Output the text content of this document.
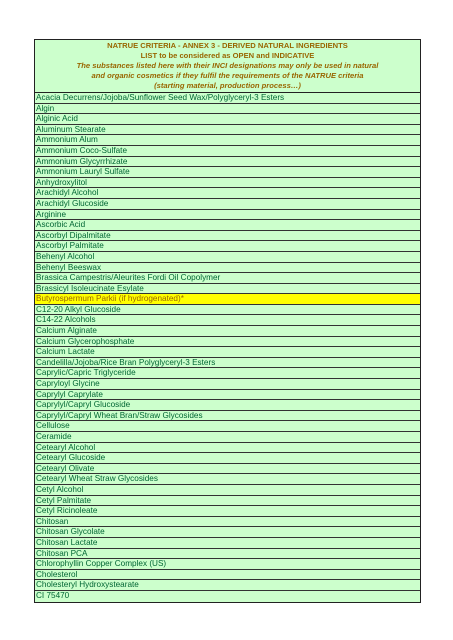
NATRUE CRITERIA - ANNEX 3 - DERIVED NATURAL INGREDIENTS
LIST to be considered as OPEN and INDICATIVE
The substances listed here with their INCI designations may only be used in natural
and organic cosmetics if they fulfil the requirements of the NATRUE criteria
(starting material, production process…)
Acacia Decurrens/Jojoba/Sunflower Seed Wax/Polyglyceryl-3 Esters
Algin
Alginic Acid
Aluminum Stearate
Ammonium Alum
Ammonium Coco-Sulfate
Ammonium Glycyrrhizate
Ammonium Lauryl Sulfate
Anhydroxylitol
Arachidyl Alcohol
Arachidyl Glucoside
Arginine
Ascorbic Acid
Ascorbyl Dipalmitate
Ascorbyl Palmitate
Behenyl Alcohol
Behenyl Beeswax
Brassica Campestris/Aleurites Fordi Oil Copolymer
Brassicyl Isoleucinate Esylate
Butyrospermum Parkii (if hydrogenated)*
C12-20 Alkyl Glucoside
C14-22 Alcohols
Calcium Alginate
Calcium Glycerophosphate
Calcium Lactate
Candelilla/Jojoba/Rice Bran Polyglyceryl-3 Esters
Caprylic/Capric Triglyceride
Capryloyl Glycine
Caprylyl Caprylate
Caprylyl/Capryl Glucoside
Caprylyl/Capryl Wheat Bran/Straw Glycosides
Cellulose
Ceramide
Cetearyl Alcohol
Cetearyl Glucoside
Cetearyl Olivate
Cetearyl Wheat Straw Glycosides
Cetyl Alcohol
Cetyl Palmitate
Cetyl Ricinoleate
Chitosan
Chitosan Glycolate
Chitosan Lactate
Chitosan PCA
Chlorophyllin Copper Complex (US)
Cholesterol
Cholesteryl Hydroxystearate
CI 75470
